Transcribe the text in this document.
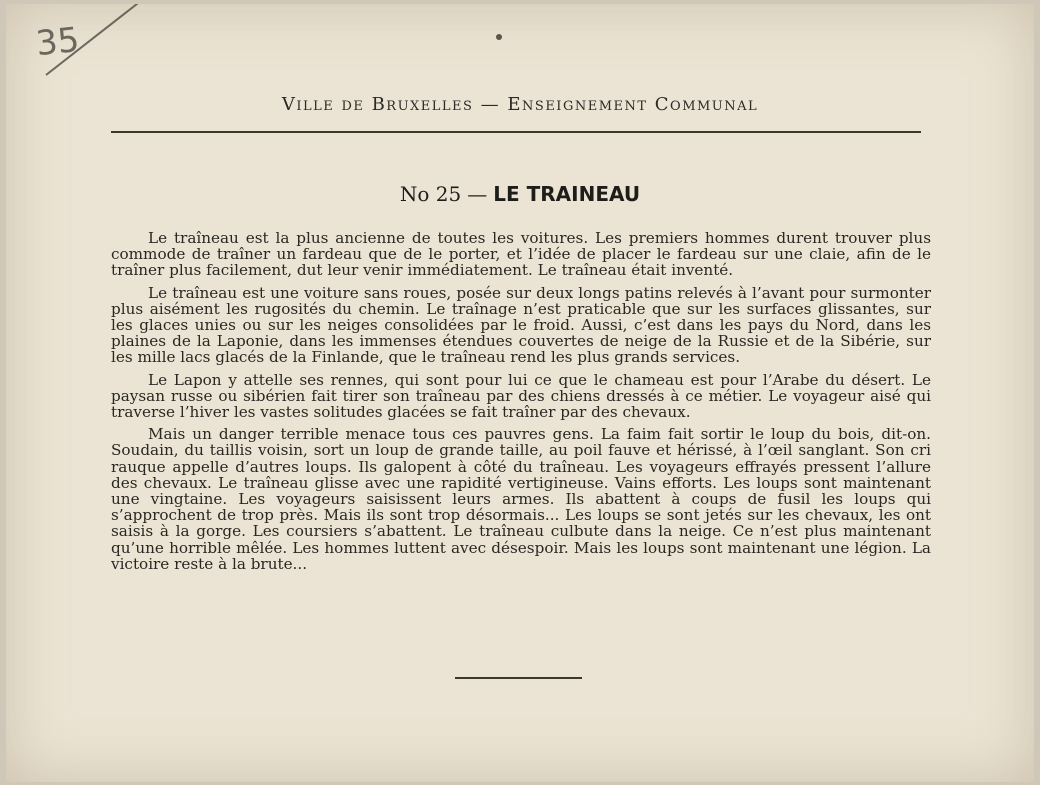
35
Ville de Bruxelles — Enseignement Communal
No 25 — LE TRAINEAU

Le traîneau est la plus ancienne de toutes les voitures. Les premiers hommes durent trouver plus commode de traîner un fardeau que de le porter, et l’idée de placer le fardeau sur une claie, afin de le traîner plus facilement, dut leur venir immédiatement. Le traîneau était inventé.

Le traîneau est une voiture sans roues, posée sur deux longs patins relevés à l’avant pour surmonter plus aisément les rugosités du chemin. Le traînage n’est praticable que sur les surfaces glissantes, sur les glaces unies ou sur les neiges consolidées par le froid. Aussi, c’est dans les pays du Nord, dans les plaines de la Laponie, dans les immenses étendues couvertes de neige de la Russie et de la Sibérie, sur les mille lacs glacés de la Finlande, que le traîneau rend les plus grands services.

Le Lapon y attelle ses rennes, qui sont pour lui ce que le chameau est pour l’Arabe du désert. Le paysan russe ou sibérien fait tirer son traîneau par des chiens dressés à ce métier. Le voyageur aisé qui traverse l’hiver les vastes solitudes glacées se fait traîner par des chevaux.

Mais un danger terrible menace tous ces pauvres gens. La faim fait sortir le loup du bois, dit-on. Soudain, du taillis voisin, sort un loup de grande taille, au poil fauve et hérissé, à l’œil sanglant. Son cri rauque appelle d’autres loups. Ils galopent à côté du traîneau. Les voyageurs effrayés pressent l’allure des chevaux. Le traîneau glisse avec une rapidité vertigineuse. Vains efforts. Les loups sont maintenant une vingtaine. Les voyageurs saisissent leurs armes. Ils abattent à coups de fusil les loups qui s’approchent de trop près. Mais ils sont trop désormais... Les loups se sont jetés sur les chevaux, les ont saisis à la gorge. Les coursiers s’abattent. Le traîneau culbute dans la neige. Ce n’est plus maintenant qu’une horrible mêlée. Les hommes luttent avec désespoir. Mais les loups sont maintenant une légion. La victoire reste à la brute...
